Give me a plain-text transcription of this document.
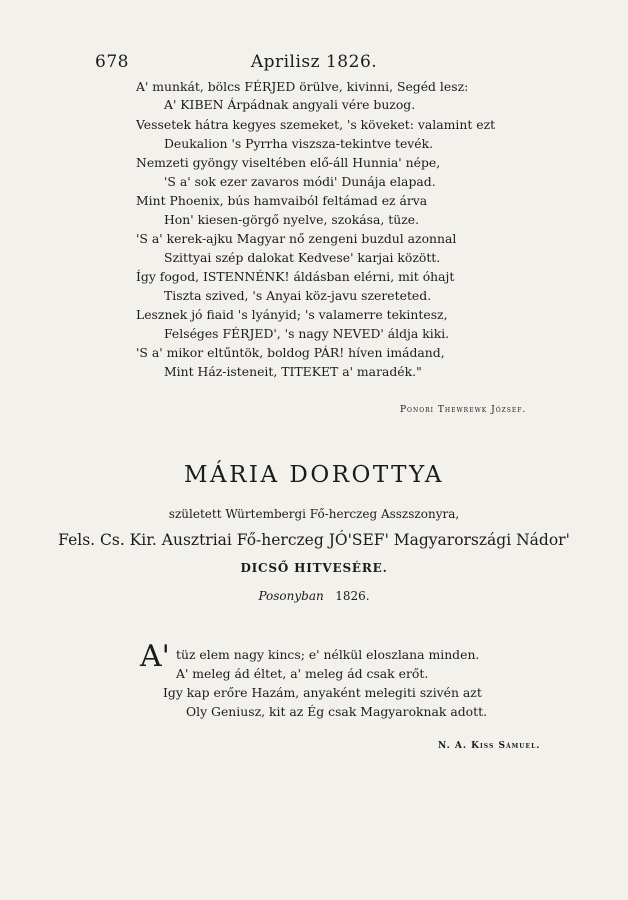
678	Aprilisz 1826.
A' munkát, bölcs FÉRJED örülve, kivinni, Segéd lesz:
A' KIBEN Árpádnak angyali vére buzog.
Vessetek hátra kegyes szemeket, 's köveket: valamint ezt
Deukalion 's Pyrrha viszsza-tekintve tevék.
Nemzeti gyöngy viseltében elő-áll Hunnia' népe,
'S a' sok ezer zavaros módi' Dunája elapad.
Mint Phoenix, bús hamvaiból feltámad ez árva
Hon' kiesen-görgő nyelve, szokása, tüze.
'S a' kerek-ajku Magyar nő zengeni buzdul azonnal
Szittyai szép dalokat Kedvese' karjai között.
Így fogod, ISTENNÉNK! áldásban elérni, mit óhajt
Tiszta szived, 's Anyai köz-javu szereteted.
Lesznek jó fiaid 's lyányid; 's valamerre tekintesz,
Felséges FÉRJED', 's nagy NEVED' áldja kiki.
'S a' mikor eltűntök, boldog PÁR! híven imádand,
Mint Ház-isteneit, TITEKET a' maradék."
Ponori Thewrewk József.
MÁRIA DOROTTYA
született Würtembergi Fő-herczeg Asszszonyra,
Fels. Cs. Kir. Ausztriai Fő-herczeg JÓ'SEF' Magyarországi Nádor'
DICSŐ HITVESÉRE.
Posonyban 1826.
A' tüz elem nagy kincs; e' nélkül eloszlana minden.
A' meleg ád éltet, a' meleg ád csak erőt.
Igy kap erőre Hazám, anyaként melegiti szivén azt
Oly Geniusz, kit az Ég csak Magyaroknak adott.
N. A. Kiss Sámuel.
